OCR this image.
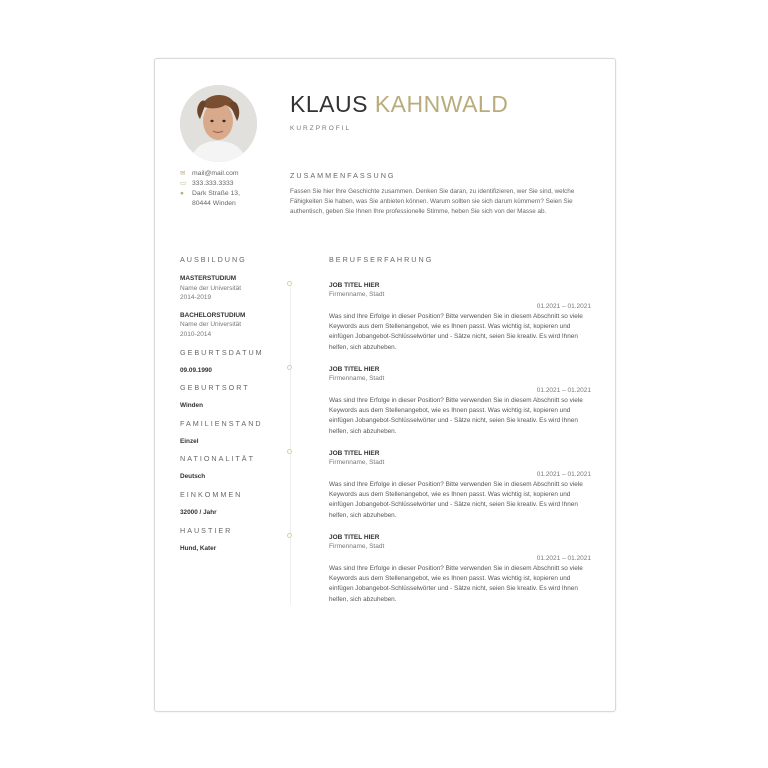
KLAUS KAHNWALD
KURZPROFIL
✉ mail@mail.com
▭ 333.333.3333
●	Dark Straße 13,
80444 Winden
ZUSAMMENFASSUNG
Fassen Sie hier Ihre Geschichte zusammen. Denken Sie daran, zu identifizieren, wer Sie sind, welche Fähigkeiten Sie haben, was Sie anbieten können. Warum sollten sie sich darum kümmern? Seien Sie authentisch, geben Sie Ihnen Ihre professionelle Stimme, heben Sie sich von der Masse ab.
AUSBILDUNG
MASTERSTUDIUM
Name der Universität
2014-2019
BACHELORSTUDIUM
Name der Universität
2010-2014
GEBURTSDATUM
09.09.1990
GEBURTSORT
Winden
FAMILIENSTAND
Einzel
NATIONALITÄT
Deutsch
EINKOMMEN
32000 / Jahr
HAUSTIER
Hund, Kater
BERUFSERFAHRUNG
JOB TITEL HIER
Firmenname, Stadt
01.2021 – 01.2021
Was sind Ihre Erfolge in dieser Position? Bitte verwenden Sie in diesem Abschnitt so viele Keywords aus dem Stellenangebot, wie es Ihnen passt. Was wichtig ist, kopieren und einfügen Jobangebot-Schlüsselwörter und - Sätze nicht, seien Sie kreativ. Es wird Ihnen helfen, sich abzuheben.
JOB TITEL HIER
Firmenname, Stadt
01.2021 – 01.2021
Was sind Ihre Erfolge in dieser Position? Bitte verwenden Sie in diesem Abschnitt so viele Keywords aus dem Stellenangebot, wie es Ihnen passt. Was wichtig ist, kopieren und einfügen Jobangebot-Schlüsselwörter und - Sätze nicht, seien Sie kreativ. Es wird Ihnen helfen, sich abzuheben.
JOB TITEL HIER
Firmenname, Stadt
01.2021 – 01.2021
Was sind Ihre Erfolge in dieser Position? Bitte verwenden Sie in diesem Abschnitt so viele Keywords aus dem Stellenangebot, wie es Ihnen passt. Was wichtig ist, kopieren und einfügen Jobangebot-Schlüsselwörter und - Sätze nicht, seien Sie kreativ. Es wird Ihnen helfen, sich abzuheben.
JOB TITEL HIER
Firmenname, Stadt
01.2021 – 01.2021
Was sind Ihre Erfolge in dieser Position? Bitte verwenden Sie in diesem Abschnitt so viele Keywords aus dem Stellenangebot, wie es Ihnen passt. Was wichtig ist, kopieren und einfügen Jobangebot-Schlüsselwörter und - Sätze nicht, seien Sie kreativ. Es wird Ihnen helfen, sich abzuheben.
